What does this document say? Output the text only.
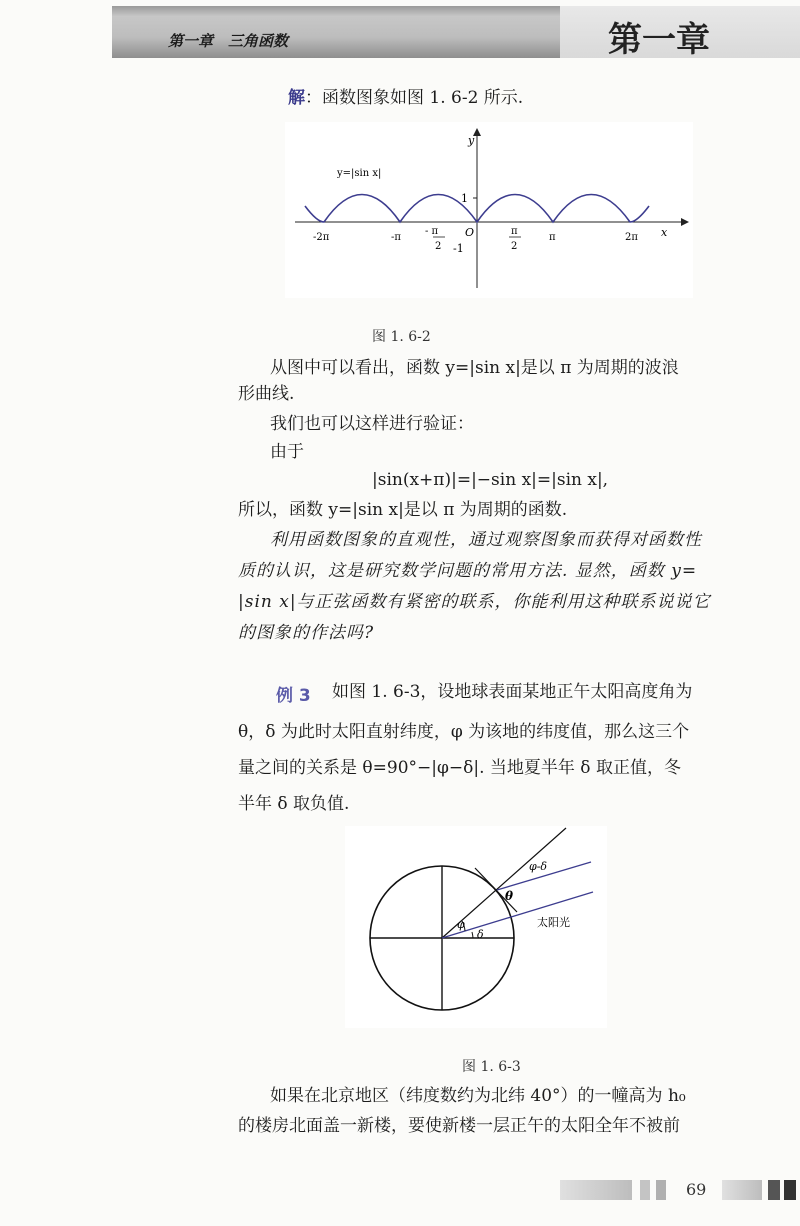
第一章　三角函数	第一章
解：函数图象如图 1. 6-2 所示.
1
-1
O	x
y
y=|sin x|
-2π	-π
- π
2
π
2
π	2π
图 1. 6-2
从图中可以看出，函数 y=|sin x|是以 π 为周期的波浪
形曲线.
我们也可以这样进行验证：
由于
|sin(x+π)|=|−sin x|=|sin x|,
所以，函数 y=|sin x|是以 π 为周期的函数.
利用函数图象的直观性，通过观察图象而获得对函数性
质的认识，这是研究数学问题的常用方法. 显然，函数 y=
|sin x|与正弦函数有紧密的联系，你能利用这种联系说说它
的图象的作法吗?
例 3 如图 1. 6-3，设地球表面某地正午太阳高度角为
θ，δ 为此时太阳直射纬度，φ 为该地的纬度值，那么这三个
量之间的关系是 θ=90°−|φ−δ|. 当地夏半年 δ 取正值，冬
半年 δ 取负值.
φ
δ
θ
φ-δ
太阳光
图 1. 6-3
如果在北京地区（纬度数约为北纬 40°）的一幢高为 h₀
的楼房北面盖一新楼，要使新楼一层正午的太阳全年不被前
69
